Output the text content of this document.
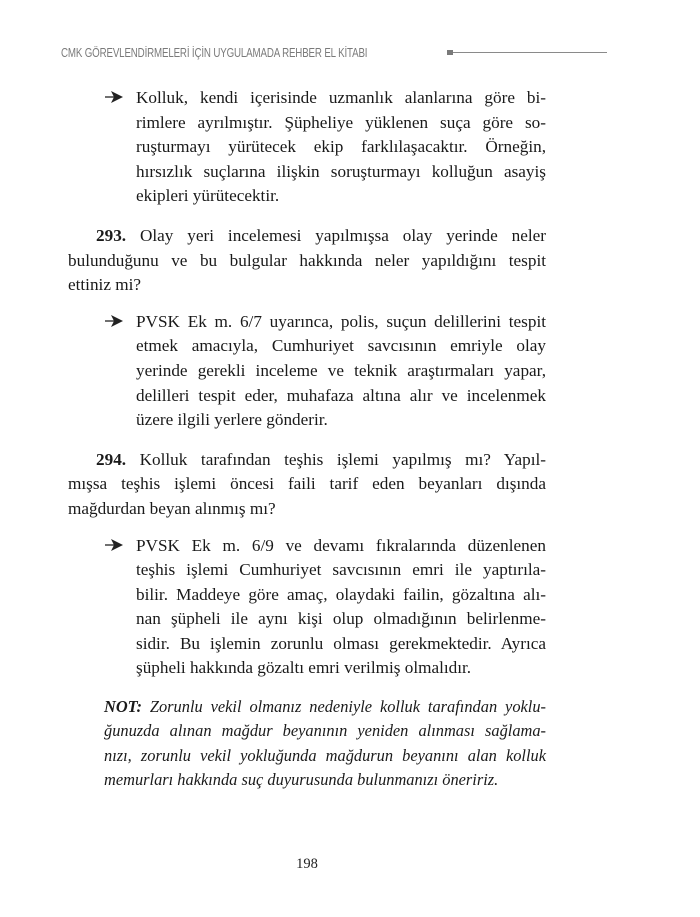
CMK GÖREVLENDİRMELERİ İÇİN UYGULAMADA REHBER EL KİTABI
Kolluk, kendi içerisinde uzmanlık alanlarına göre bi-
rimlere ayrılmıştır. Şüpheliye yüklenen suça göre so-
ruşturmayı yürütecek ekip farklılaşacaktır. Örneğin,
hırsızlık suçlarına ilişkin soruşturmayı kolluğun asayiş
ekipleri yürütecektir.
293. Olay yeri incelemesi yapılmışsa olay yerinde neler
bulunduğunu ve bu bulgular hakkında neler yapıldığını tespit
ettiniz mi?
PVSK Ek m. 6/7 uyarınca, polis, suçun delillerini tespit
etmek amacıyla, Cumhuriyet savcısının emriyle olay
yerinde gerekli inceleme ve teknik araştırmaları yapar,
delilleri tespit eder, muhafaza altına alır ve incelenmek
üzere ilgili yerlere gönderir.
294. Kolluk tarafından teşhis işlemi yapılmış mı? Yapıl-
mışsa teşhis işlemi öncesi faili tarif eden beyanları dışında
mağdurdan beyan alınmış mı?
PVSK Ek m. 6/9 ve devamı fıkralarında düzenlenen
teşhis işlemi Cumhuriyet savcısının emri ile yaptırıla-
bilir. Maddeye göre amaç, olaydaki failin, gözaltına alı-
nan şüpheli ile aynı kişi olup olmadığının belirlenme-
sidir. Bu işlemin zorunlu olması gerekmektedir. Ayrıca
şüpheli hakkında gözaltı emri verilmiş olmalıdır.
NOT: Zorunlu vekil olmanız nedeniyle kolluk tarafından yoklu-
ğunuzda alınan mağdur beyanının yeniden alınması sağlama-
nızı, zorunlu vekil yokluğunda mağdurun beyanını alan kolluk
memurları hakkında suç duyurusunda bulunmanızı öneririz.
198
